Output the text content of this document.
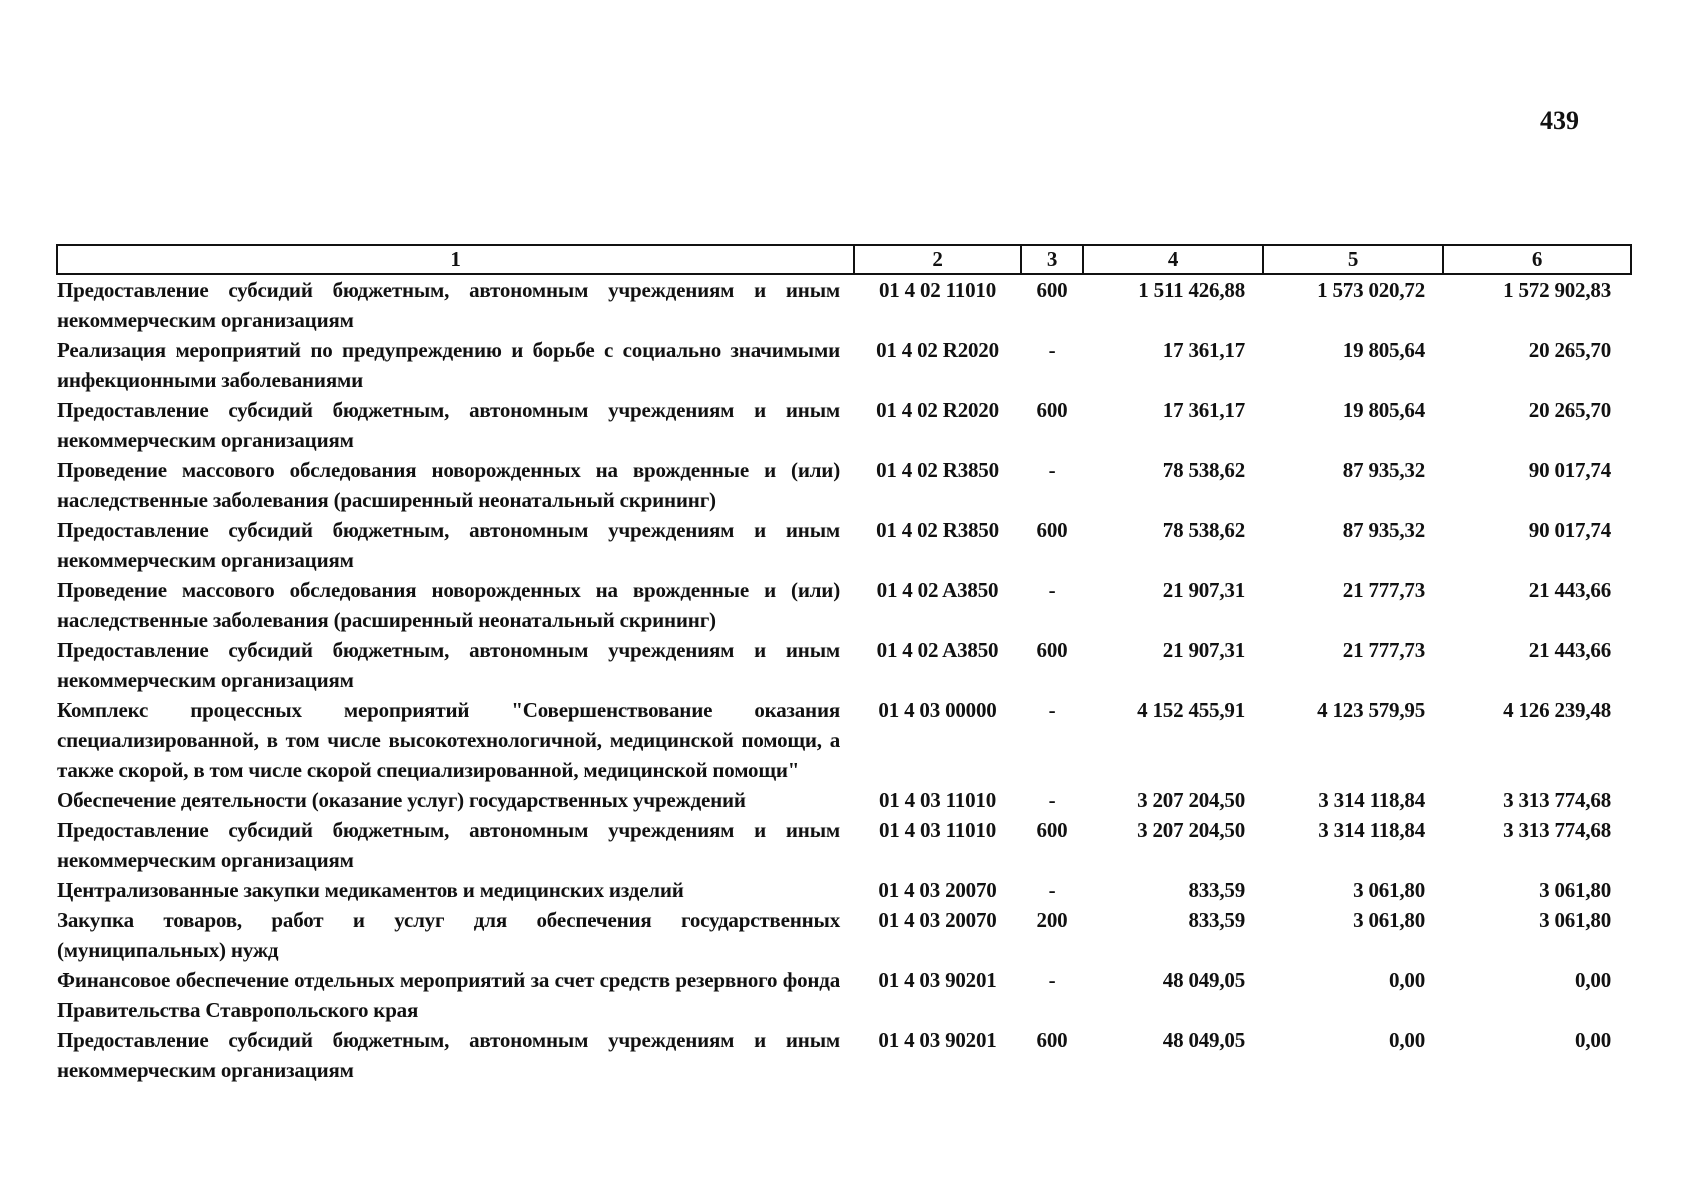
439
1	2	3	4	5	6
Предоставление субсидий бюджетным, автономным учреждениям и иным некоммерческим организациям	01 4 02 11010	600	1 511 426,88	1 573 020,72	1 572 902,83
Реализация мероприятий по предупреждению и борьбе с социально значимыми инфекционными заболеваниями	01 4 02 R2020	-	17 361,17	19 805,64	20 265,70
Предоставление субсидий бюджетным, автономным учреждениям и иным некоммерческим организациям	01 4 02 R2020	600	17 361,17	19 805,64	20 265,70
Проведение массового обследования новорожденных на врожденные и (или) наследственные заболевания (расширенный неонатальный скрининг)	01 4 02 R3850	-	78 538,62	87 935,32	90 017,74
Предоставление субсидий бюджетным, автономным учреждениям и иным некоммерческим организациям	01 4 02 R3850	600	78 538,62	87 935,32	90 017,74
Проведение массового обследования новорожденных на врожденные и (или) наследственные заболевания (расширенный неонатальный скрининг)	01 4 02 A3850	-	21 907,31	21 777,73	21 443,66
Предоставление субсидий бюджетным, автономным учреждениям и иным некоммерческим организациям	01 4 02 A3850	600	21 907,31	21 777,73	21 443,66
Комплекс процессных мероприятий "Совершенствование оказания специализированной, в том числе высокотехнологичной, медицинской помощи, а также скорой, в том числе скорой специализированной, медицинской помощи"	01 4 03 00000	-	4 152 455,91	4 123 579,95	4 126 239,48
Обеспечение деятельности (оказание услуг) государственных учреждений	01 4 03 11010	-	3 207 204,50	3 314 118,84	3 313 774,68
Предоставление субсидий бюджетным, автономным учреждениям и иным некоммерческим организациям	01 4 03 11010	600	3 207 204,50	3 314 118,84	3 313 774,68
Централизованные закупки медикаментов и медицинских изделий	01 4 03 20070	-	833,59	3 061,80	3 061,80
Закупка товаров, работ и услуг для обеспечения государственных (муниципальных) нужд	01 4 03 20070	200	833,59	3 061,80	3 061,80
Финансовое обеспечение отдельных мероприятий за счет средств резервного фонда Правительства Ставропольского края	01 4 03 90201	-	48 049,05	0,00	0,00
Предоставление субсидий бюджетным, автономным учреждениям и иным некоммерческим организациям	01 4 03 90201	600	48 049,05	0,00	0,00
